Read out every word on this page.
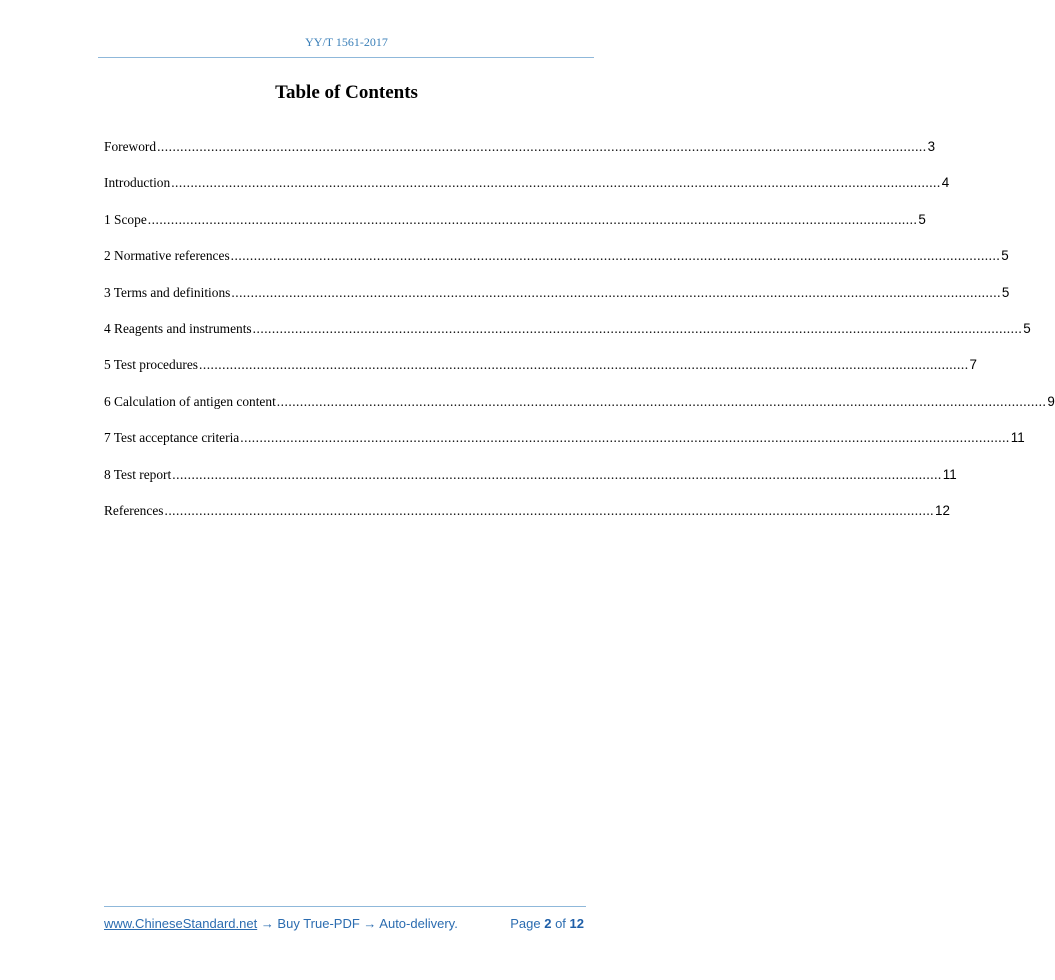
YY/T 1561-2017
Table of Contents
Foreword ........................................................................................................................................................................................................ 3
Introduction ........................................................................................................................................................................................................ 4
1 Scope ........................................................................................................................................................................................................ 5
2 Normative references ........................................................................................................................................................................................................ 5
3 Terms and definitions ........................................................................................................................................................................................................ 5
4 Reagents and instruments ........................................................................................................................................................................................................ 5
5 Test procedures ........................................................................................................................................................................................................ 7
6 Calculation of antigen content ........................................................................................................................................................................................................ 9
7 Test acceptance criteria ........................................................................................................................................................................................................ 11
8 Test report ........................................................................................................................................................................................................ 11
References ........................................................................................................................................................................................................ 12
www.ChineseStandard.net → Buy True-PDF → Auto-delivery.	Page 2 of 12
